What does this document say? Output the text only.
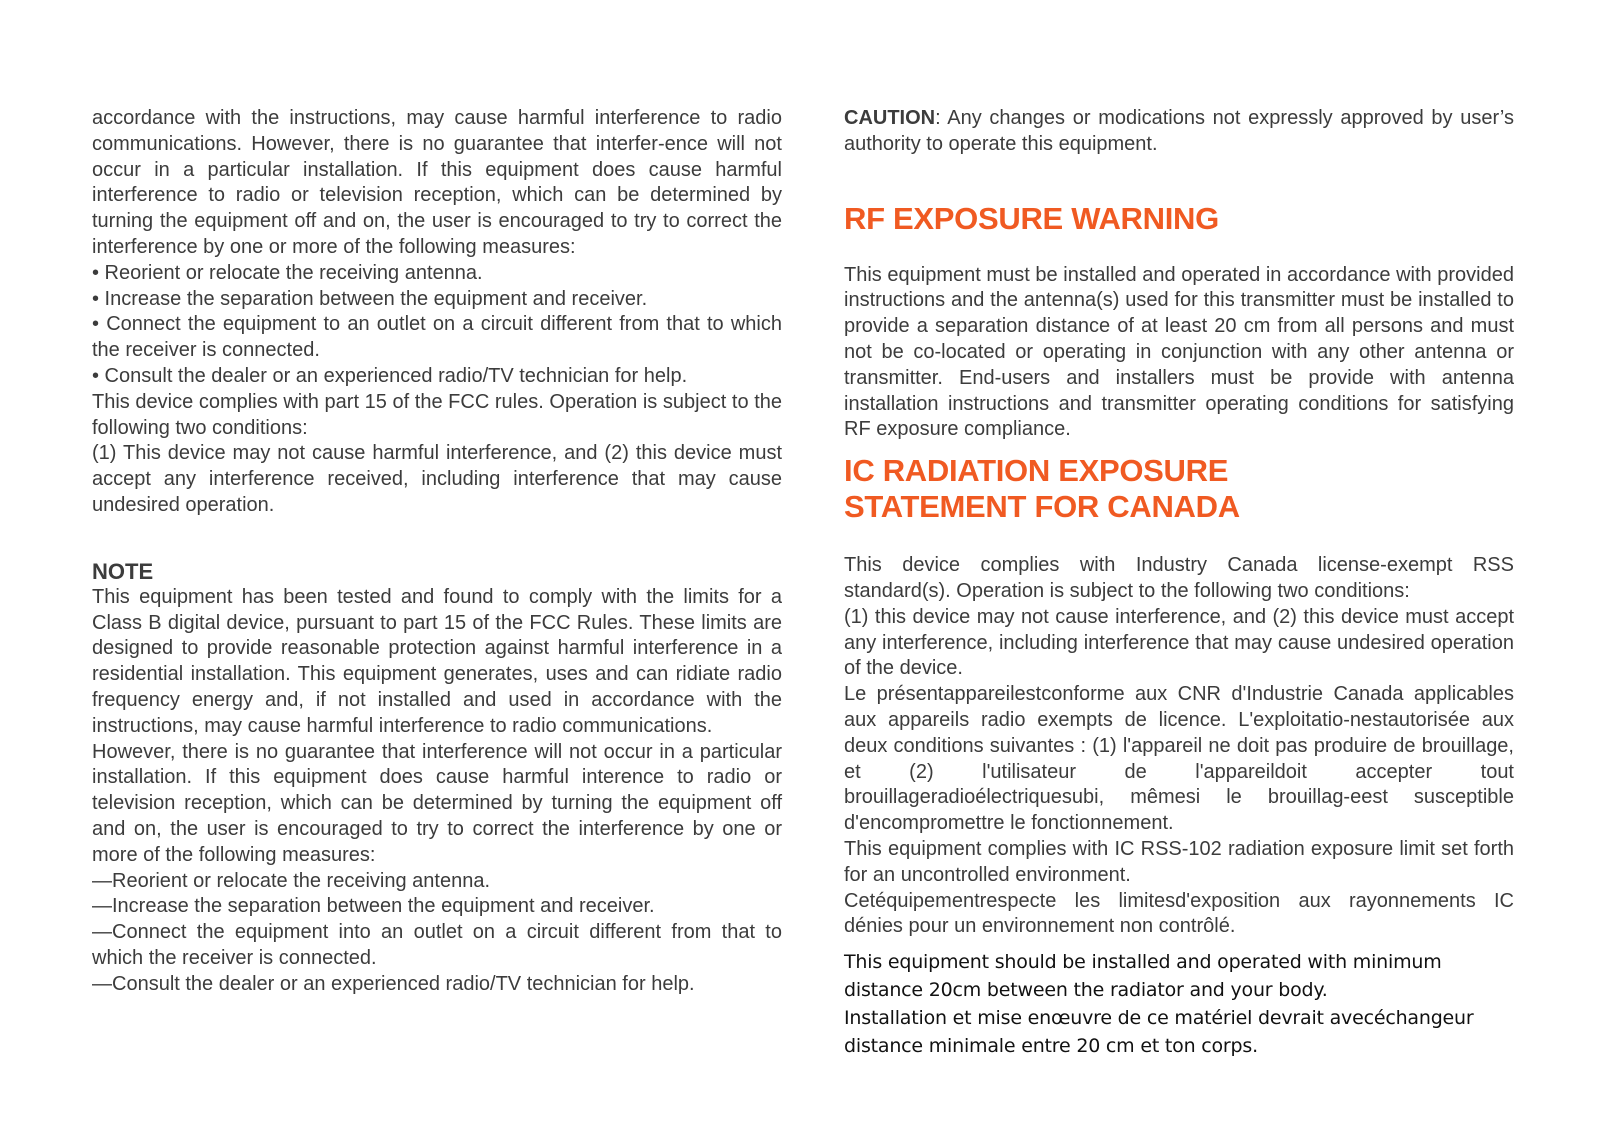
accordance with the instructions, may cause harmful interference to radio communications. However, there is no guarantee that interfer-ence will not occur in a particular installation. If this equipment does cause harmful interference to radio or television reception, which can be determined by turning the equipment off and on, the user is encouraged to try to correct the interference by one or more of the following measures:

• Reorient or relocate the receiving antenna.

• Increase the separation between the equipment and receiver.

• Connect the equipment to an outlet on a circuit different from that to which the receiver is connected.

• Consult the dealer or an experienced radio/TV technician for help.

This device complies with part 15 of the FCC rules. Operation is subject to the following two conditions:

(1) This device may not cause harmful interference, and (2) this device must accept any interference received, including interference that may cause undesired operation.

NOTE

This equipment has been tested and found to comply with the limits for a Class B digital device, pursuant to part 15 of the FCC Rules. These limits are designed to provide reasonable protection against harmful interference in a residential installation. This equipment generates, uses and can ridiate radio frequency energy and, if not installed and used in accordance with the instructions, may cause harmful interference to radio communications.

However, there is no guarantee that interference will not occur in a particular installation. If this equipment does cause harmful interence to radio or television reception, which can be determined by turning the equipment off and on, the user is encouraged to try to correct the interference by one or more of the following measures:

—Reorient or relocate the receiving antenna.

—Increase the separation between the equipment and receiver.

—Connect the equipment into an outlet on a circuit different from that to which the receiver is connected.

—Consult the dealer or an experienced radio/TV technician for help.

CAUTION: Any changes or modications not expressly approved by user’s authority to operate this equipment.

RF EXPOSURE WARNING

This equipment must be installed and operated in accordance with provided instructions and the antenna(s) used for this transmitter must be installed to provide a separation distance of at least 20 cm from all persons and must not be co-located or operating in conjunction with any other antenna or transmitter. End-users and installers must be provide with antenna installation instructions and transmitter operating conditions for satisfying RF exposure compliance.

IC RADIATION EXPOSURE
STATEMENT FOR CANADA

This device complies with Industry Canada license-exempt RSS standard(s). Operation is subject to the following two conditions:

(1) this device may not cause interference, and (2) this device must accept any interference, including interference that may cause undesired operation of the device.

Le présentappareilestconforme aux CNR d'Industrie Canada applicables aux appareils radio exempts de licence. L'exploitatio-nestautorisée aux deux conditions suivantes : (1) l'appareil ne doit pas produire de brouillage, et (2) l'utilisateur de l'appareildoit accepter tout brouillageradioélectriquesubi, mêmesi le brouillag-eest susceptible d'encompromettre le fonctionnement.

This equipment complies with IC RSS-102 radiation exposure limit set forth for an uncontrolled environment.

Cetéquipementrespecte les limitesd'exposition aux rayonnements IC dénies pour un environnement non contrôlé.

This equipment should be installed and operated with minimum distance 20cm between the radiator and your body.

Installation et mise enœuvre de ce matériel devrait avecéchangeur distance minimale entre 20 cm et ton corps.
